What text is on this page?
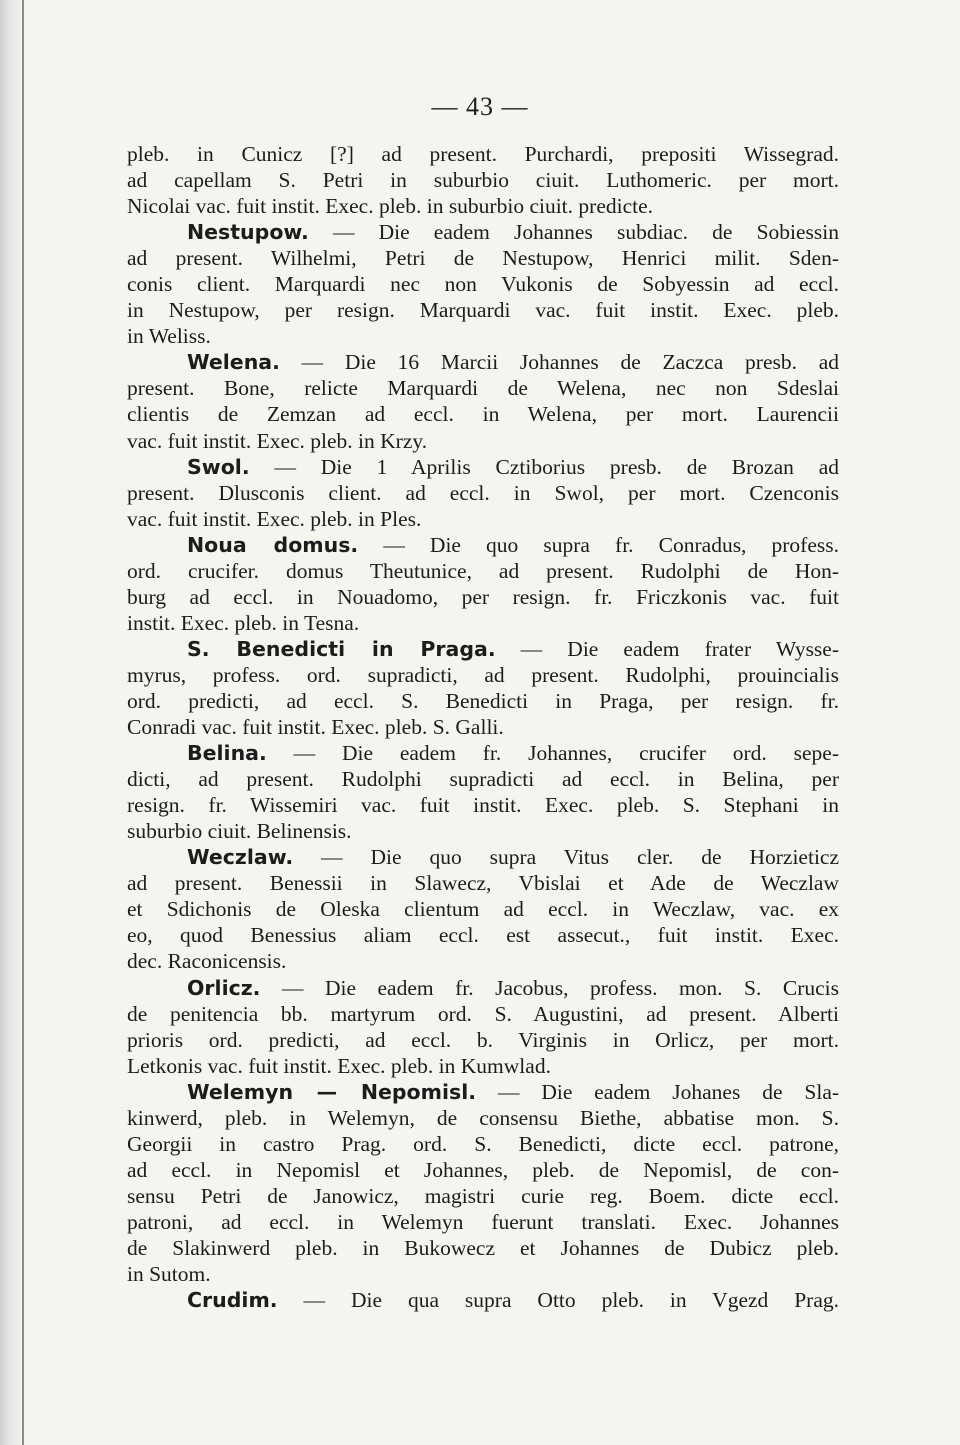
— 43 —
pleb. in Cunicz [?] ad present. Purchardi, prepositi Wissegrad.
ad capellam S. Petri in suburbio ciuit. Luthomeric. per mort.
Nicolai vac. fuit instit. Exec. pleb. in suburbio ciuit. predicte.
Nestupow. — Die eadem Johannes subdiac. de Sobiessin
ad present. Wilhelmi, Petri de Nestupow, Henrici milit. Sden-
conis client. Marquardi nec non Vukonis de Sobyessin ad eccl.
in Nestupow, per resign. Marquardi vac. fuit instit. Exec. pleb.
in Weliss.
Welena. — Die 16 Marcii Johannes de Zaczca presb. ad
present. Bone, relicte Marquardi de Welena, nec non Sdeslai
clientis de Zemzan ad eccl. in Welena, per mort. Laurencii
vac. fuit instit. Exec. pleb. in Krzy.
Swol. — Die 1 Aprilis Cztiborius presb. de Brozan ad
present. Dlusconis client. ad eccl. in Swol, per mort. Czenconis
vac. fuit instit. Exec. pleb. in Ples.
Noua domus. — Die quo supra fr. Conradus, profess.
ord. crucifer. domus Theutunice, ad present. Rudolphi de Hon-
burg ad eccl. in Nouadomo, per resign. fr. Friczkonis vac. fuit
instit. Exec. pleb. in Tesna.
S. Benedicti in Praga. — Die eadem frater Wysse-
myrus, profess. ord. supradicti, ad present. Rudolphi, prouincialis
ord. predicti, ad eccl. S. Benedicti in Praga, per resign. fr.
Conradi vac. fuit instit. Exec. pleb. S. Galli.
Belina. — Die eadem fr. Johannes, crucifer ord. sepe-
dicti, ad present. Rudolphi supradicti ad eccl. in Belina, per
resign. fr. Wissemiri vac. fuit instit. Exec. pleb. S. Stephani in
suburbio ciuit. Belinensis.
Weczlaw. — Die quo supra Vitus cler. de Horzieticz
ad present. Benessii in Slawecz, Vbislai et Ade de Weczlaw
et Sdichonis de Oleska clientum ad eccl. in Weczlaw, vac. ex
eo, quod Benessius aliam eccl. est assecut., fuit instit. Exec.
dec. Raconicensis.
Orlicz. — Die eadem fr. Jacobus, profess. mon. S. Crucis
de penitencia bb. martyrum ord. S. Augustini, ad present. Alberti
prioris ord. predicti, ad eccl. b. Virginis in Orlicz, per mort.
Letkonis vac. fuit instit. Exec. pleb. in Kumwlad.
Welemyn — Nepomisl. — Die eadem Johanes de Sla-
kinwerd, pleb. in Welemyn, de consensu Biethe, abbatise mon. S.
Georgii in castro Prag. ord. S. Benedicti, dicte eccl. patrone,
ad eccl. in Nepomisl et Johannes, pleb. de Nepomisl, de con-
sensu Petri de Janowicz, magistri curie reg. Boem. dicte eccl.
patroni, ad eccl. in Welemyn fuerunt translati. Exec. Johannes
de Slakinwerd pleb. in Bukowecz et Johannes de Dubicz pleb.
in Sutom.
Crudim. — Die qua supra Otto pleb. in Vgezd Prag.
